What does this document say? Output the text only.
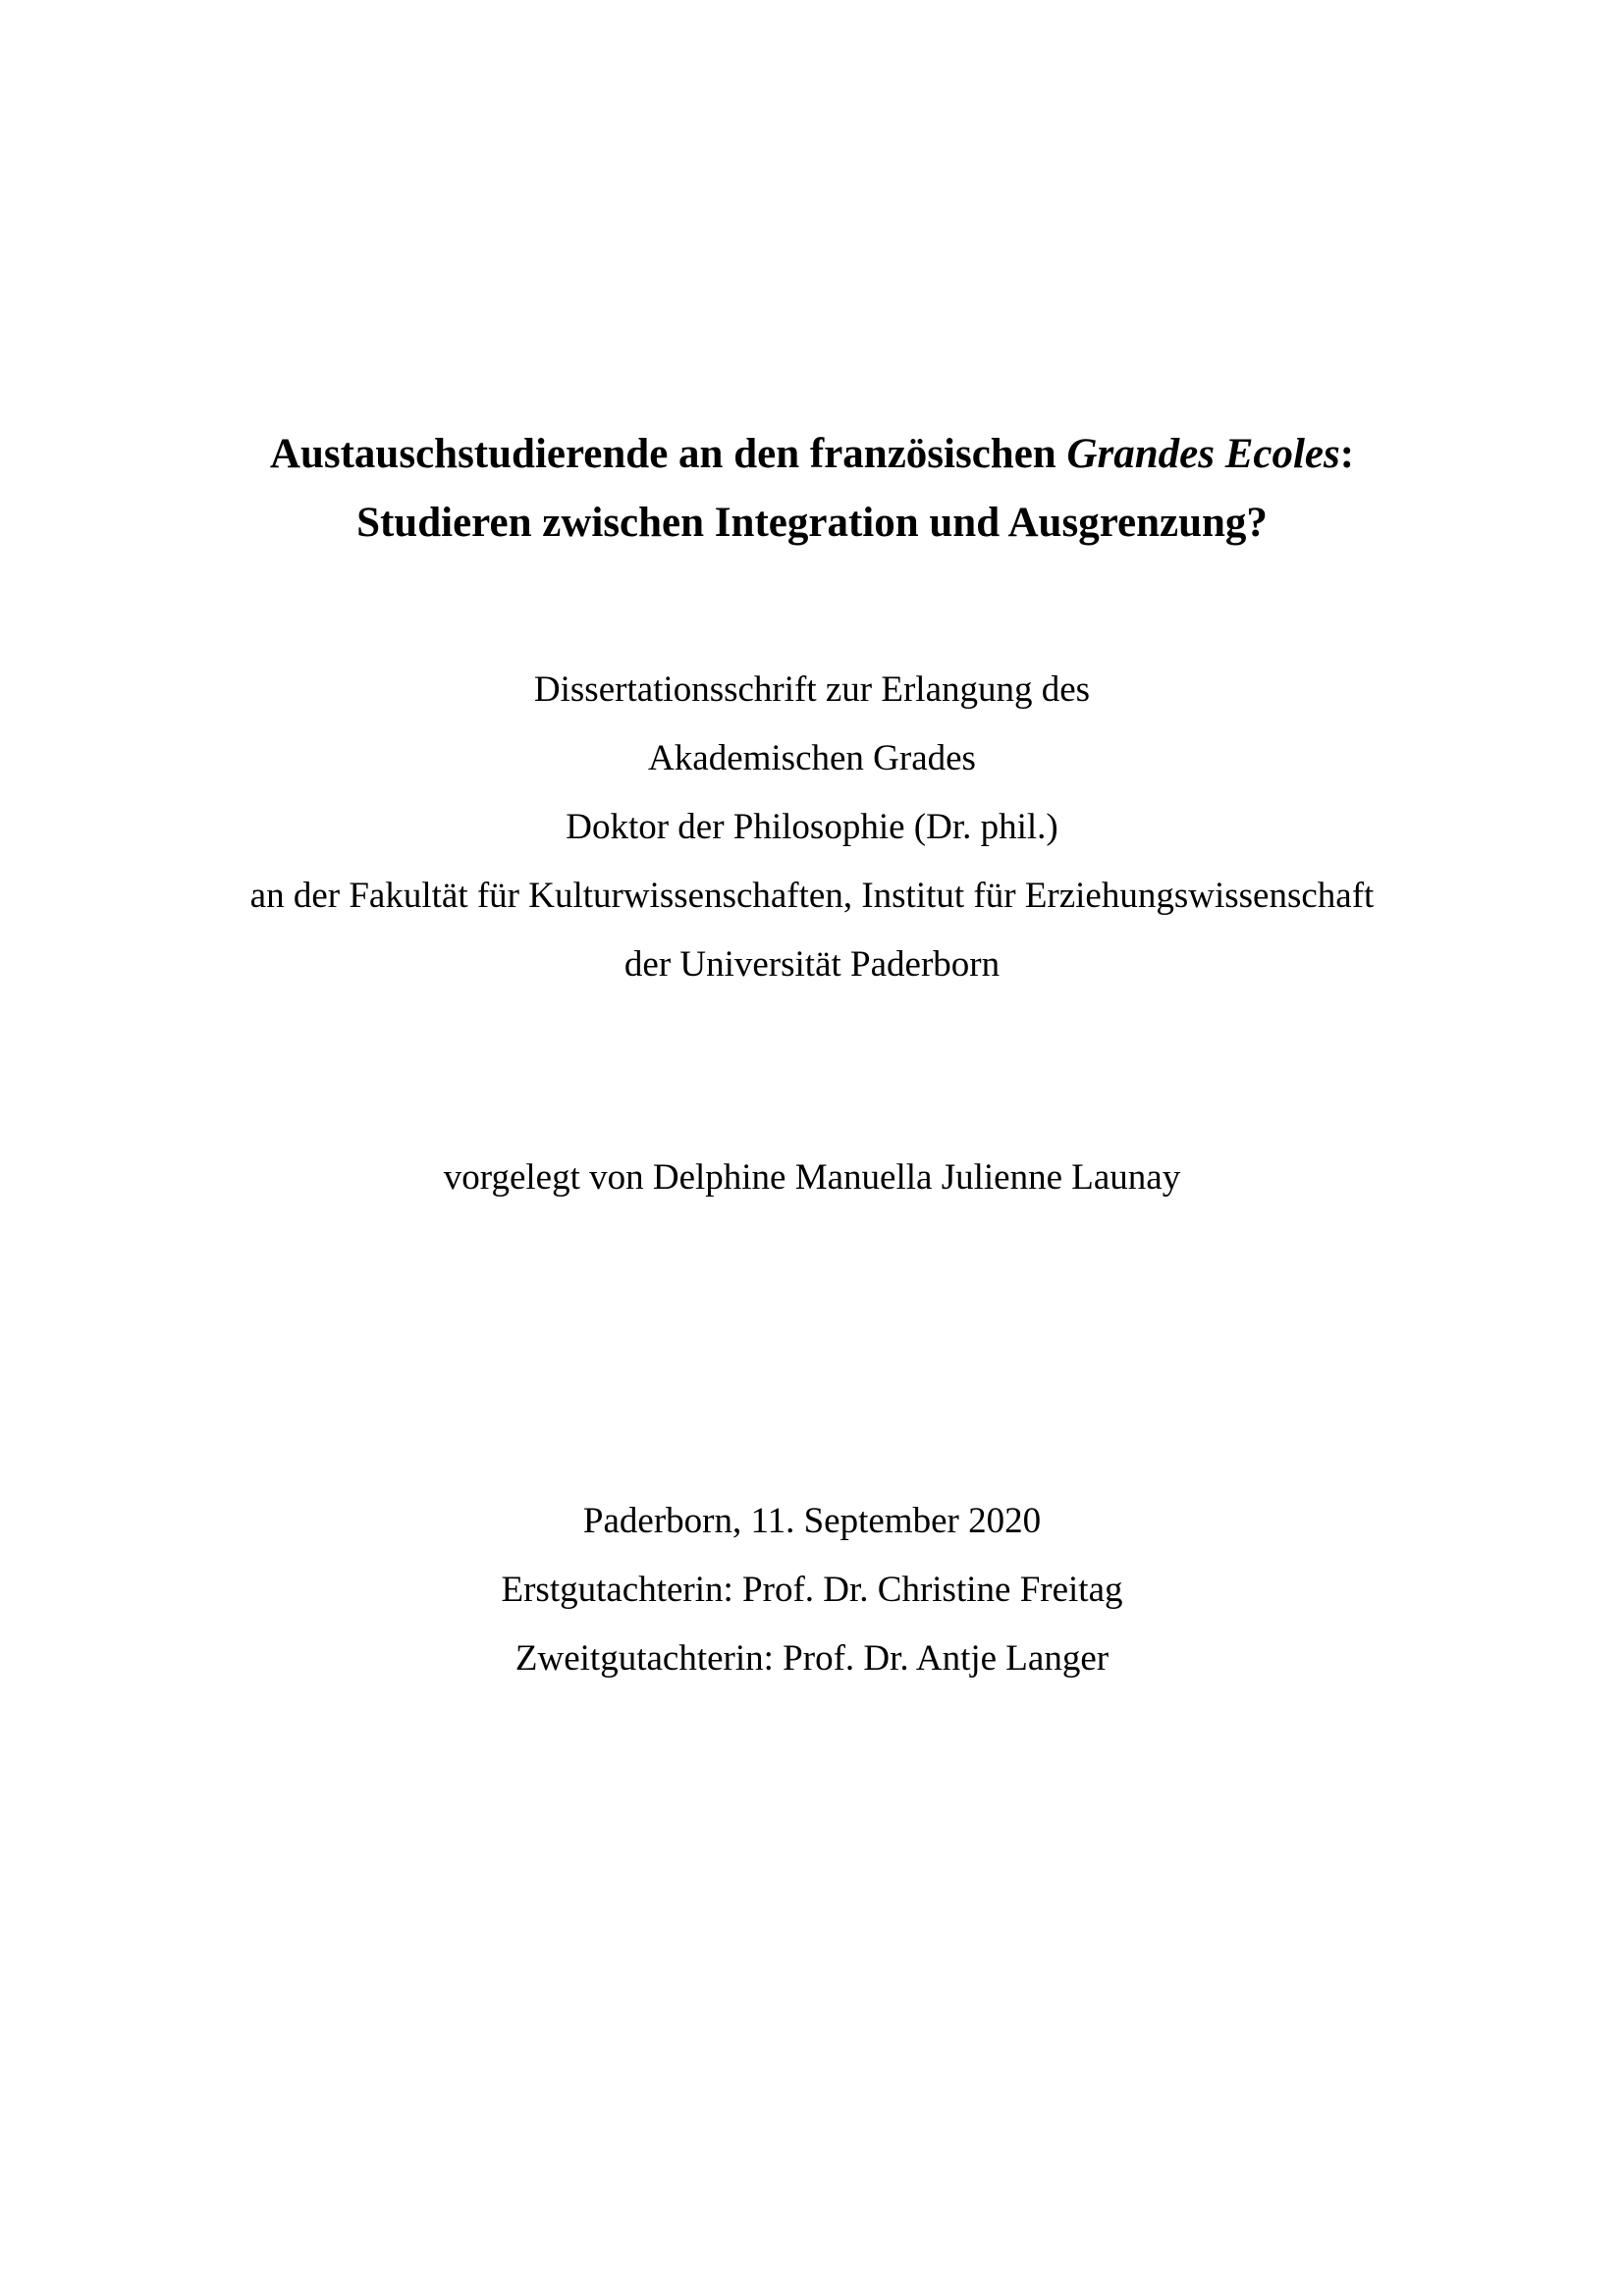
Austauschstudierende an den französischen Grandes Ecoles:
Studieren zwischen Integration und Ausgrenzung?
Dissertationsschrift zur Erlangung des
Akademischen Grades
Doktor der Philosophie (Dr. phil.)
an der Fakultät für Kulturwissenschaften, Institut für Erziehungswissenschaft
der Universität Paderborn
vorgelegt von Delphine Manuella Julienne Launay
Paderborn, 11. September 2020
Erstgutachterin: Prof. Dr. Christine Freitag
Zweitgutachterin: Prof. Dr. Antje Langer
